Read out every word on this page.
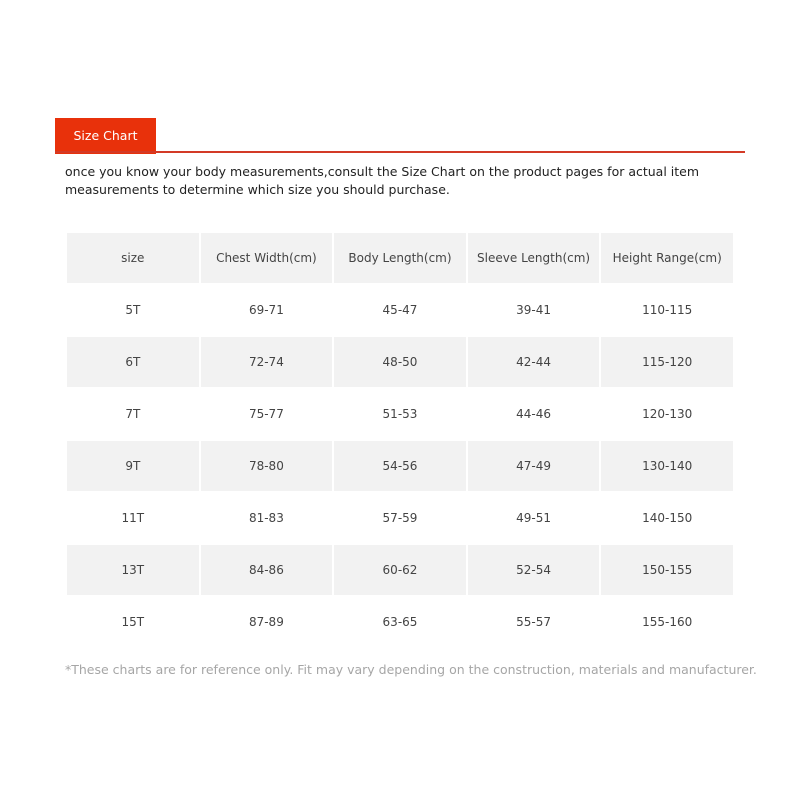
Size Chart

once you know your body measurements,consult the Size Chart on the product pages for actual item measurements to determine which size you should purchase.

size	Chest Width(cm)	Body Length(cm)	Sleeve Length(cm)	Height Range(cm)
5T	69-71	45-47	39-41	110-115
6T	72-74	48-50	42-44	115-120
7T	75-77	51-53	44-46	120-130
9T	78-80	54-56	47-49	130-140
11T	81-83	57-59	49-51	140-150
13T	84-86	60-62	52-54	150-155
15T	87-89	63-65	55-57	155-160

*These charts are for reference only. Fit may vary depending on the construction, materials and manufacturer.
